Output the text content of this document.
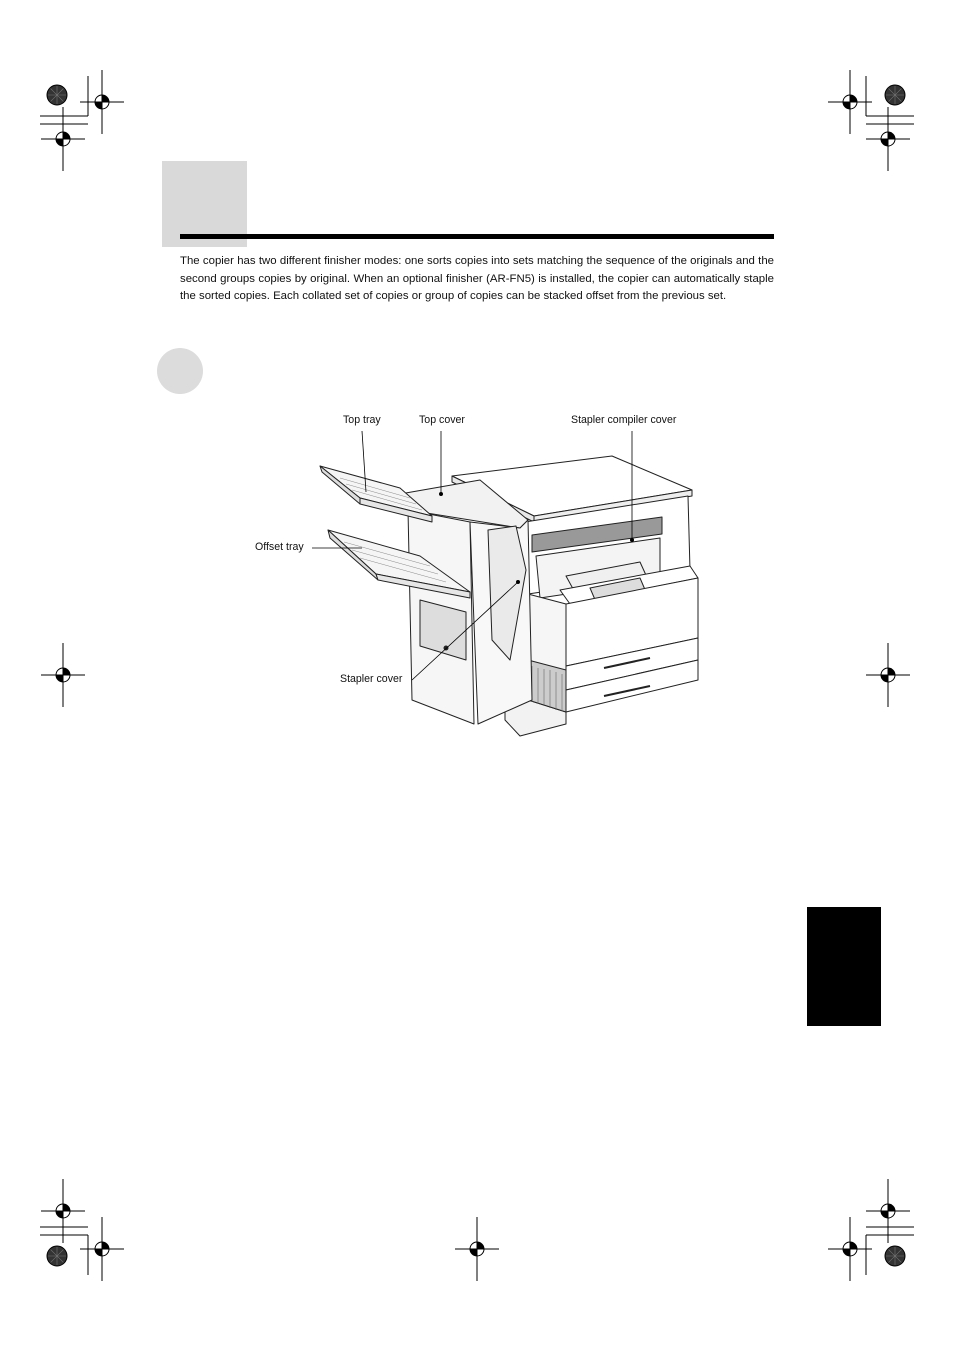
The copier has two different finisher modes: one sorts copies into sets matching the sequence of the originals and the second groups copies by original. When an optional finisher (AR-FN5) is installed, the copier can automatically staple the sorted copies. Each collated set of copies or group of copies can be stacked offset from the previous set.

Top tray	Top cover	Stapler compiler cover
Offset tray
Stapler cover
